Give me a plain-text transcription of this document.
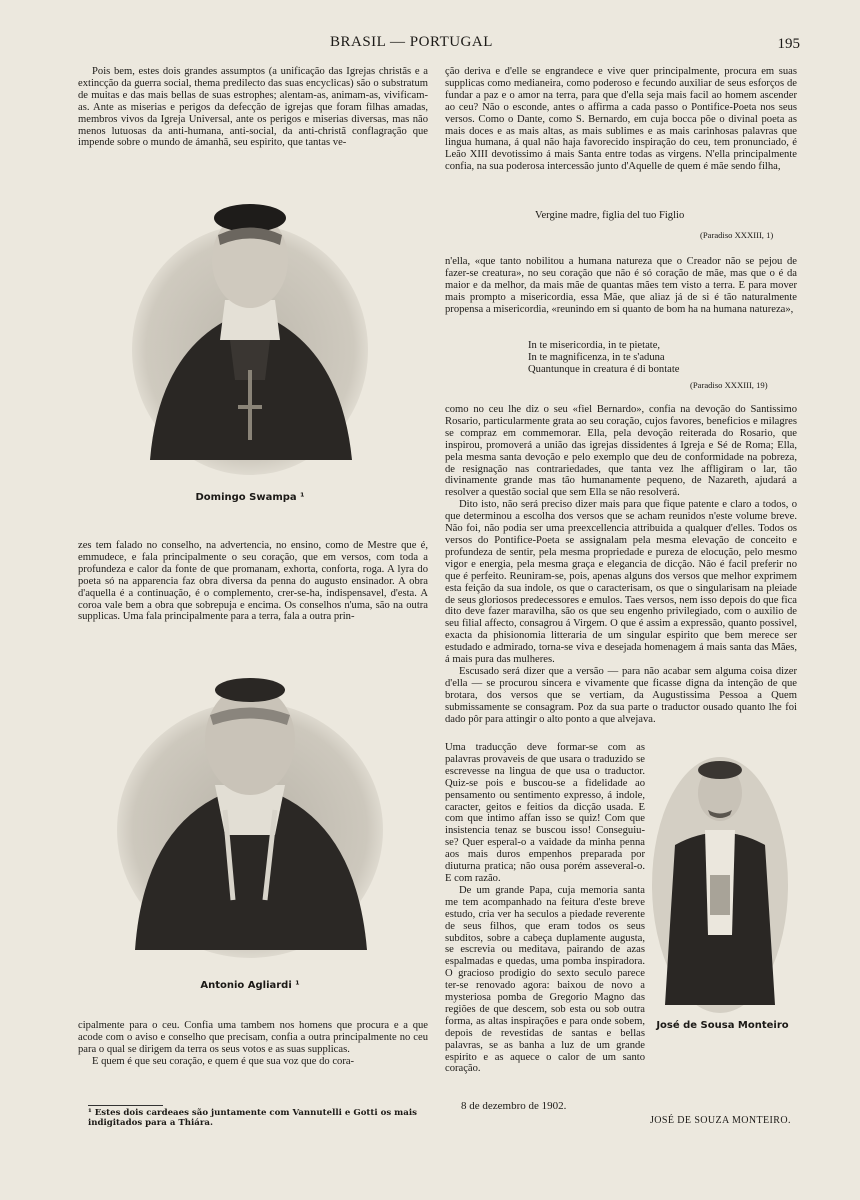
BRASIL — PORTUGAL	195

Pois bem, estes dois grandes assumptos (a unificação das Igrejas christãs e a extincção da guerra social, thema predilecto das suas encyclicas) são o substratum de muitas e das mais bellas de suas estrophes; alentam-as, animam-as, vivificam-as. Ante as miserias e perigos da defecção de igrejas que foram filhas amadas, membros vivos da Igreja Universal, ante os perigos e miserias diversas, mas não menos lutuosas da anti-humana, anti-social, da anti-christã conflagração que impende sobre o mundo de ámanhã, seu espirito, que tantas ve-

Domingo Swampa ¹

zes tem falado no conselho, na advertencia, no ensino, como de Mestre que é, emmudece, e fala principalmente o seu coração, que em versos, com toda a profundeza e calor da fonte de que promanam, exhorta, conforta, roga. A lyra do poeta só na apparencia faz obra diversa da penna do augusto ensinador. A obra d'aquella é a continuação, é o complemento, crer-se-ha, indispensavel, d'esta. A coroa vale bem a obra que sobrepuja e encima. Os conselhos n'uma, são na outra supplicas. Uma fala principalmente para a terra, fala a outra prin-

Antonio Agliardi ¹

cipalmente para o ceu. Confia uma tambem nos homens que procura e a que acode com o aviso e conselho que precisam, confia a outra principalmente no ceu para o qual se dirigem da terra os seus votos e as suas supplicas.

E quem é que seu coração, e quem é que sua voz que do cora-

¹ Estes dois cardeaes são juntamente com Vannutelli e Gotti os mais indigitados para a Thiára.

ção deriva e d'elle se engrandece e vive quer principalmente, procura em suas supplicas como medianeira, como poderoso e fecundo auxiliar de seus esforços de fundar a paz e o amor na terra, para que d'ella seja mais facil ao homem ascender ao ceu? Não o esconde, antes o affirma a cada passo o Pontifice-Poeta nos seus versos. Como o Dante, como S. Bernardo, em cuja bocca põe o divinal poeta as mais doces e as mais altas, as mais sublimes e as mais carinhosas palavras que lingua humana, á qual não haja favorecido inspiração do ceu, tem pronunciado, é Leão XIII devotissimo á mais Santa entre todas as virgens. N'ella principalmente confia, na sua poderosa intercessão junto d'Aquelle de quem é mãe sendo filha,

Vergine madre, figlia del tuo Figlio
(Paradiso XXXIII, 1)

n'ella, «que tanto nobilitou a humana natureza que o Creador não se pejou de fazer-se creatura», no seu coração que não é só coração de mãe, mas que o é da maior e da melhor, da mais mãe de quantas mães tem visto a terra. E para mover mais prompto a misericordia, essa Mãe, que aliaz já de si é tão naturalmente propensa a misericordia, «reunindo em si quanto de bom ha na humana natureza»,

In te misericordia, in te pietate,
In te magnificenza, in te s'aduna
Quantunque in creatura é di bontate
(Paradiso XXXIII, 19)

como no ceu lhe diz o seu «fiel Bernardo», confia na devoção do Santissimo Rosario, particularmente grata ao seu coração, cujos favores, beneficios e milagres se compraz em commemorar. Ella, pela devoção reiterada do Rosario, que inspirou, promoverá a união das igrejas dissidentes á Igreja e Sé de Roma; Ella, pela mesma santa devoção e pelo exemplo que deu de conformidade na pobreza, de resignação nas contrariedades, que tanta vez lhe affligiram o lar, tão divinamente grande mas tão humanamente pequeno, de Nazareth, ajudará a resolver a questão social que sem Ella se não resolverá.

Dito isto, não será preciso dizer mais para que fique patente e claro a todos, o que determinou a escolha dos versos que se acham reunidos n'este volume breve. Não foi, não podia ser uma preexcellencia attribuida a qualquer d'elles. Todos os versos do Pontifice-Poeta se assignalam pela mesma elevação de conceito e profundeza de sentir, pela mesma propriedade e pureza de elocução, pelo mesmo vigor e energia, pela mesma graça e elegancia de dicção. Não é facil preferir no que é perfeito. Reuniram-se, pois, apenas alguns dos versos que melhor exprimem esta feição da sua indole, os que o caracterisam, os que o singularisam na pleiade de seus gloriosos predecessores e emulos. Taes versos, nem isso depois do que fica dito deve fazer maravilha, são os que seu engenho privilegiado, com o auxilio de seu filial affecto, consagrou á Virgem. O que é assim a expressão, quanto possivel, exacta da phisionomia litteraria de um singular espirito que bem merece ser estudado e admirado, torna-se viva e desejada homenagem á mais santa das Mães, á mais pura das mulheres.

Escusado será dizer que a versão — para não acabar sem alguma coisa dizer d'ella — se procurou sincera e vivamente que ficasse digna da intenção de que brotara, dos versos que se vertiam, da Augustissima Pessoa a Quem submissamente se consagram. Poz da sua parte o traductor ousado quanto lhe foi dado pôr para attingir o alto ponto a que alvejava.

Uma traducção deve formar-se com as palavras provaveis de que usara o traduzido se escrevesse na lingua de que usa o traductor. Quiz-se pois e buscou-se a fidelidade ao pensamento ou sentimento expresso, á indole, caracter, geitos e feitios da dicção usada. E com que intimo affan isso se quiz! Com que insistencia tenaz se buscou isso! Conseguiu-se? Quer esperal-o a vaidade da minha penna aos mais duros empenhos preparada por diuturna pratica; não ousa porém asseveral-o. E com razão.

De um grande Papa, cuja memoria santa me tem acompanhado na feitura d'este breve estudo, cria ver ha seculos a piedade reverente de seus filhos, que eram todos os seus subditos, sobre a cabeça duplamente augusta, se escrevia ou meditava, pairando de azas espalmadas e quedas, uma pomba inspiradora. O gracioso prodigio do sexto seculo parece ter-se renovado agora: baixou de novo a mysteriosa pomba de Gregorio Magno das regiões de que descem, sob esta ou sob outra forma, as altas inspirações e para onde sobem, depois de revestidas de santas e bellas palavras, se as banha a luz de um grande espirito e as aquece o calor de um santo coração.

José de Sousa Monteiro
8 de dezembro de 1902.
JOSÉ DE SOUZA MONTEIRO.
